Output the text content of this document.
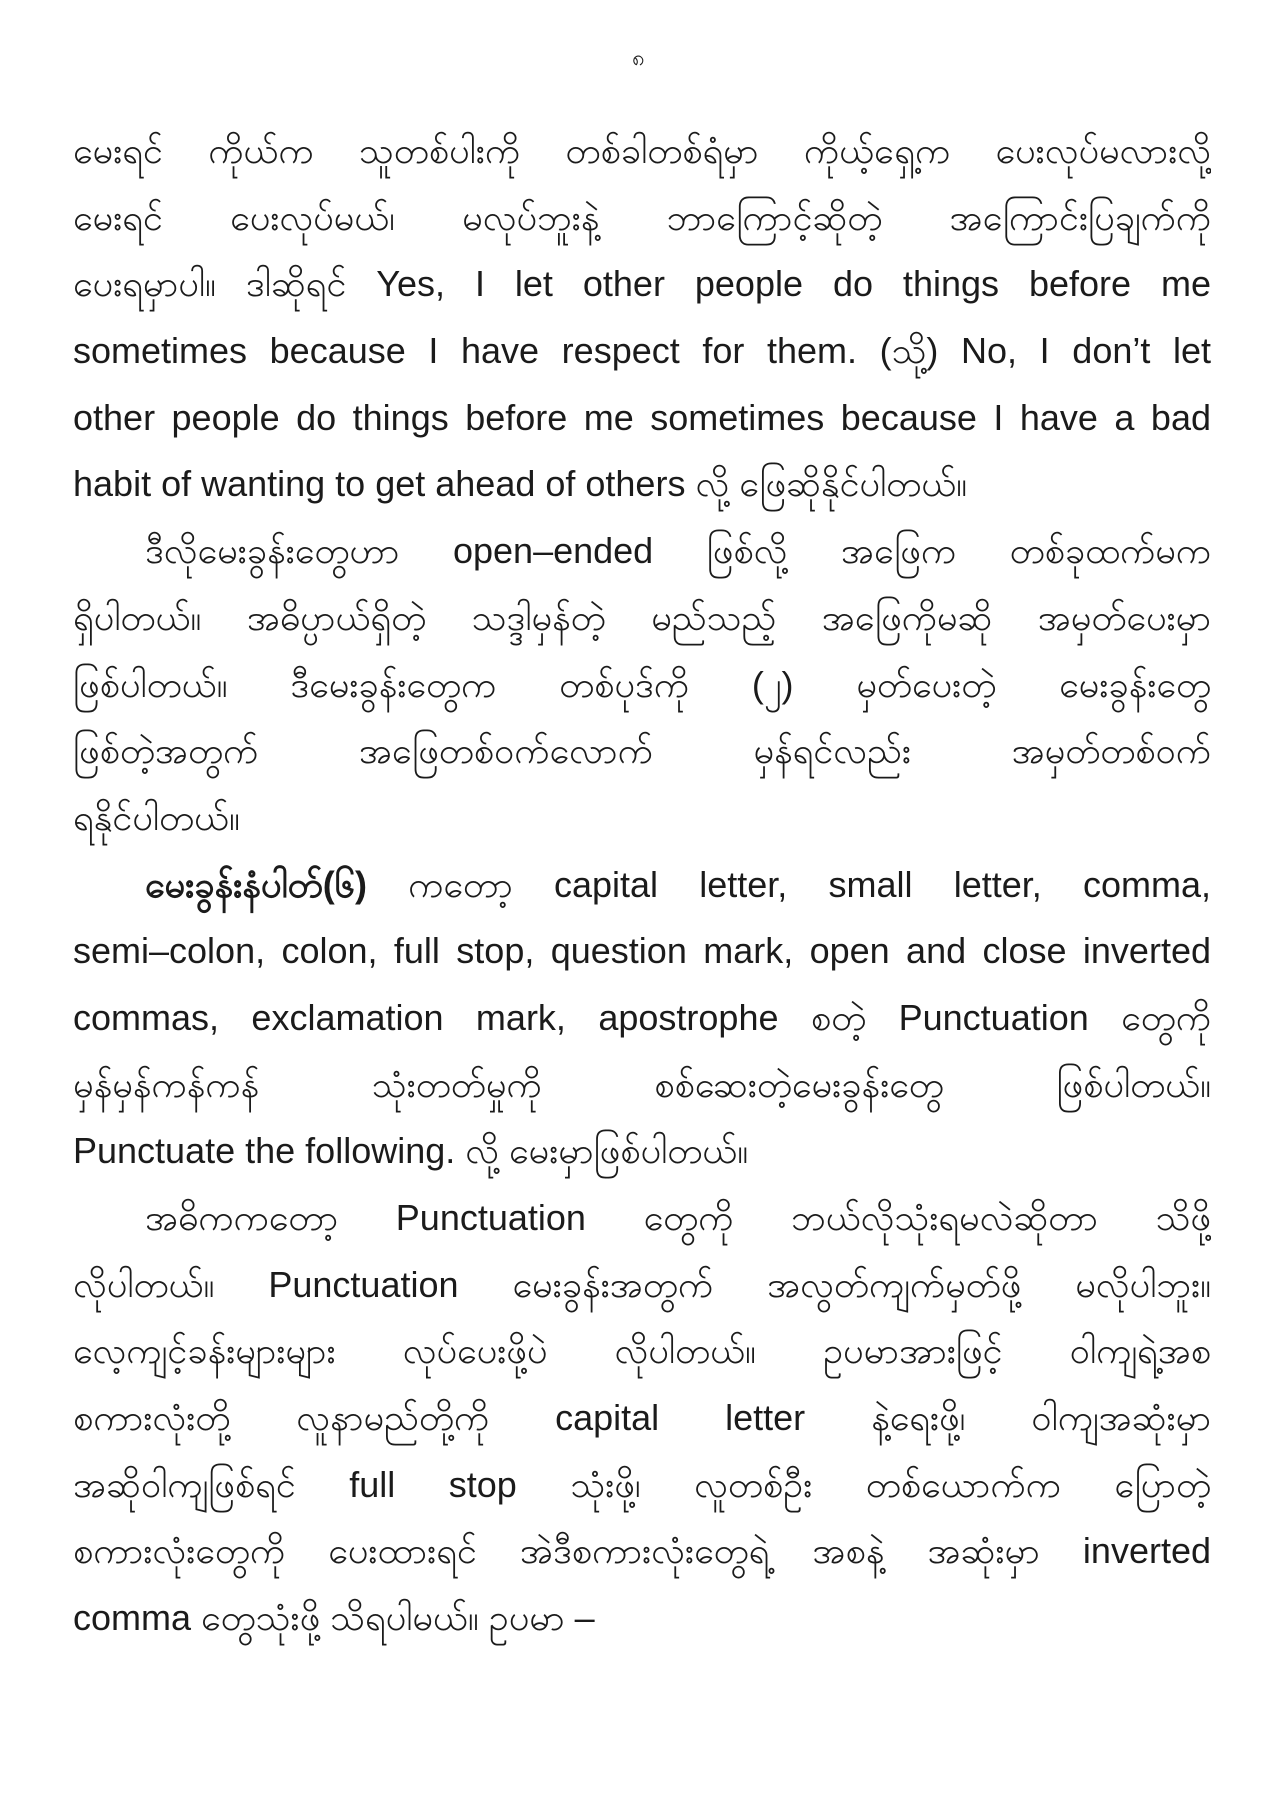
၈
မေးရင် ကိုယ်က သူတစ်ပါးကို တစ်ခါတစ်ရံမှာ ကိုယ့်ရှေ့က ပေးလုပ်မလားလို့
မေးရင် ပေးလုပ်မယ်၊ မလုပ်ဘူးနဲ့ ဘာကြောင့်ဆိုတဲ့ အကြောင်းပြချက်ကို
ပေးရမှာပါ။ ဒါဆိုရင် Yes, I let other people do things before me
sometimes because I have respect for them. (သို့) No, I don’t let
other people do things before me sometimes because I have a bad
habit of wanting to get ahead of others လို့ ဖြေဆိုနိုင်ပါတယ်။
ဒီလိုမေးခွန်းတွေဟာ open–ended ဖြစ်လို့ အဖြေက တစ်ခုထက်မက
ရှိပါတယ်။ အဓိပ္ပာယ်ရှိတဲ့ သဒ္ဒါမှန်တဲ့ မည်သည့် အဖြေကိုမဆို အမှတ်ပေးမှာ
ဖြစ်ပါတယ်။ ဒီမေးခွန်းတွေက တစ်ပုဒ်ကို (၂) မှတ်ပေးတဲ့ မေးခွန်းတွေ
ဖြစ်တဲ့အတွက် အဖြေတစ်ဝက်လောက် မှန်ရင်လည်း အမှတ်တစ်ဝက်
ရနိုင်ပါတယ်။
မေးခွန်းနံပါတ်(၆) ကတော့ capital letter, small letter, comma,
semi–colon, colon, full stop, question mark, open and close inverted
commas, exclamation mark, apostrophe စတဲ့ Punctuation တွေကို
မှန်မှန်ကန်ကန် သုံးတတ်မှုကို စစ်ဆေးတဲ့မေးခွန်းတွေ ဖြစ်ပါတယ်။
Punctuate the following. လို့ မေးမှာဖြစ်ပါတယ်။
အဓိကကတော့ Punctuation တွေကို ဘယ်လိုသုံးရမလဲဆိုတာ သိဖို့
လိုပါတယ်။ Punctuation မေးခွန်းအတွက် အလွတ်ကျက်မှတ်ဖို့ မလိုပါဘူး။
လေ့ကျင့်ခန်းများများ လုပ်ပေးဖို့ပဲ လိုပါတယ်။ ဥပမာအားဖြင့် ဝါကျရဲ့အစ
စကားလုံးတို့ လူနာမည်တို့ကို capital letter နဲ့ရေးဖို့၊ ဝါကျအဆုံးမှာ
အဆိုဝါကျဖြစ်ရင် full stop သုံးဖို့၊ လူတစ်ဦး တစ်ယောက်က ပြောတဲ့
စကားလုံးတွေကို ပေးထားရင် အဲဒီစကားလုံးတွေရဲ့ အစနဲ့ အဆုံးမှာ inverted
comma တွေသုံးဖို့ သိရပါမယ်။ ဥပမာ –
